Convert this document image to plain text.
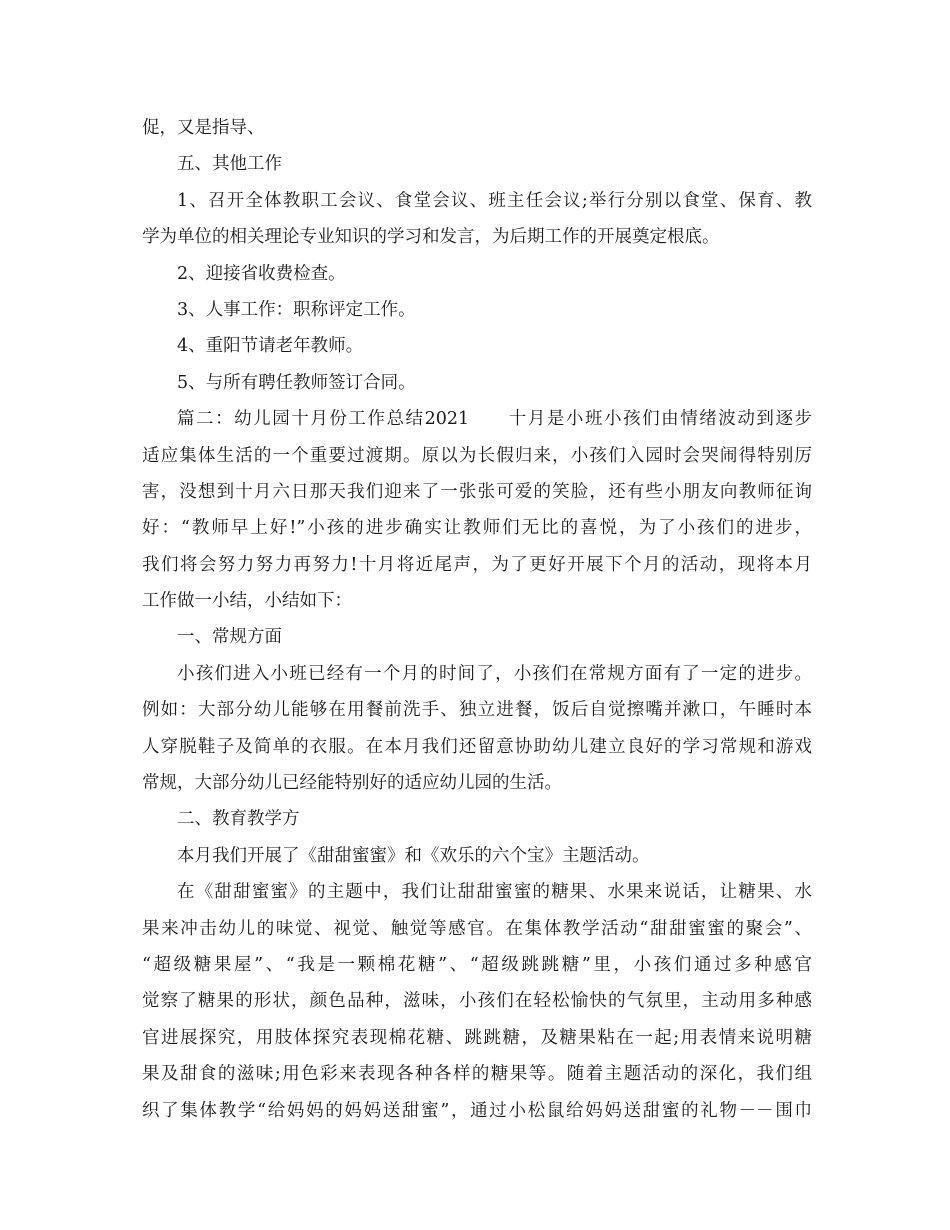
促，又是指导、
五、其他工作
1、召开全体教职工会议、食堂会议、班主任会议;举行分别以食堂、保育、教
学为单位的相关理论专业知识的学习和发言，为后期工作的开展奠定根底。
2、迎接省收费检查。
3、人事工作：职称评定工作。
4、重阳节请老年教师。
5、与所有聘任教师签订合同。
篇二：幼儿园十月份工作总结2021　　十月是小班小孩们由情绪波动到逐步
适应集体生活的一个重要过渡期。原以为长假归来，小孩们入园时会哭闹得特别厉
害，没想到十月六日那天我们迎来了一张张可爱的笑脸，还有些小朋友向教师征询
好：“教师早上好!”小孩的进步确实让教师们无比的喜悦，为了小孩们的进步，
我们将会努力努力再努力!十月将近尾声，为了更好开展下个月的活动，现将本月
工作做一小结，小结如下：
一、常规方面
小孩们进入小班已经有一个月的时间了，小孩们在常规方面有了一定的进步。
例如：大部分幼儿能够在用餐前洗手、独立进餐，饭后自觉擦嘴并漱口，午睡时本
人穿脱鞋子及简单的衣服。在本月我们还留意协助幼儿建立良好的学习常规和游戏
常规，大部分幼儿已经能特别好的适应幼儿园的生活。
二、教育教学方
本月我们开展了《甜甜蜜蜜》和《欢乐的六个宝》主题活动。
在《甜甜蜜蜜》的主题中，我们让甜甜蜜蜜的糖果、水果来说话，让糖果、水
果来冲击幼儿的味觉、视觉、触觉等感官。在集体教学活动“甜甜蜜蜜的聚会”、
“超级糖果屋”、“我是一颗棉花糖”、“超级跳跳糖”里，小孩们通过多种感官
觉察了糖果的形状，颜色品种，滋味，小孩们在轻松愉快的气氛里，主动用多种感
官进展探究，用肢体探究表现棉花糖、跳跳糖，及糖果粘在一起;用表情来说明糖
果及甜食的滋味;用色彩来表现各种各样的糖果等。随着主题活动的深化，我们组
织了集体教学“给妈妈的妈妈送甜蜜”，通过小松鼠给妈妈送甜蜜的礼物－－围巾
